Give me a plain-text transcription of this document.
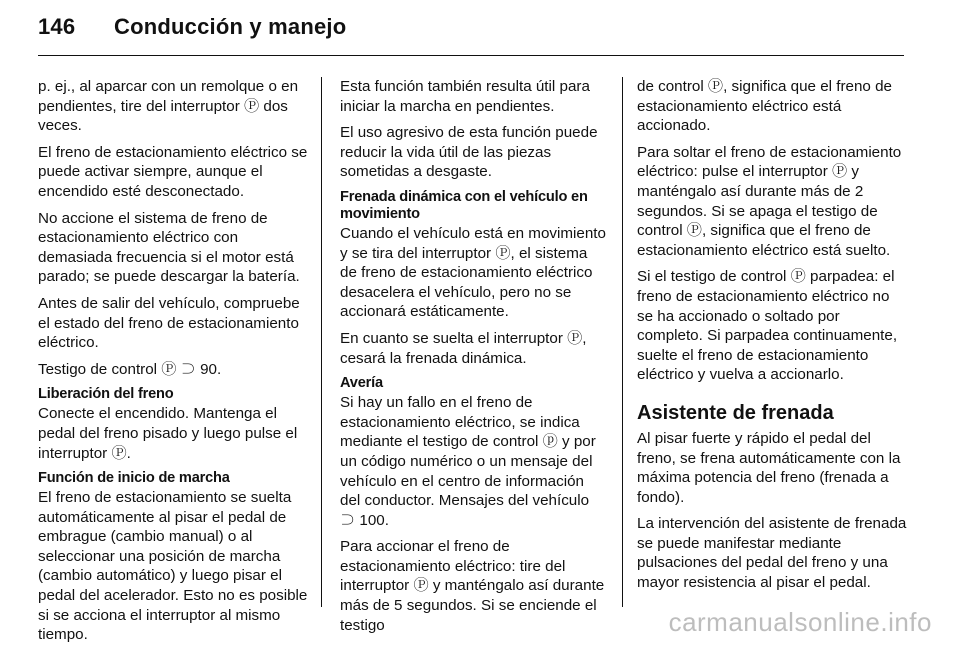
146 Conducción y manejo

p. ej., al aparcar con un remolque o en pendientes, tire del interruptor Ⓟ dos veces.

El freno de estacionamiento eléctrico se puede activar siempre, aunque el encendido esté desconectado.

No accione el sistema de freno de estacionamiento eléctrico con demasiada frecuencia si el motor está parado; se puede descargar la batería.

Antes de salir del vehículo, compruebe el estado del freno de estacionamiento eléctrico.

Testigo de control Ⓟ ⊃ 90.

Liberación del freno

Conecte el encendido. Mantenga el pedal del freno pisado y luego pulse el interruptor Ⓟ.

Función de inicio de marcha

El freno de estacionamiento se suelta automáticamente al pisar el pedal de embrague (cambio manual) o al seleccionar una posición de marcha (cambio automático) y luego pisar el pedal del acelerador. Esto no es posible si se acciona el interruptor al mismo tiempo.

Esta función también resulta útil para iniciar la marcha en pendientes.

El uso agresivo de esta función puede reducir la vida útil de las piezas sometidas a desgaste.

Frenada dinámica con el vehículo en movimiento

Cuando el vehículo está en movimiento y se tira del interruptor Ⓟ, el sistema de freno de estacionamiento eléctrico desacelera el vehículo, pero no se accionará estáticamente.

En cuanto se suelta el interruptor Ⓟ, cesará la frenada dinámica.

Avería

Si hay un fallo en el freno de estacionamiento eléctrico, se indica mediante el testigo de control ⓟ y por un código numérico o un mensaje del vehículo en el centro de información del conductor. Mensajes del vehículo ⊃ 100.

Para accionar el freno de estacionamiento eléctrico: tire del interruptor Ⓟ y manténgalo así durante más de 5 segundos. Si se enciende el testigo

de control Ⓟ, significa que el freno de estacionamiento eléctrico está accionado.

Para soltar el freno de estacionamiento eléctrico: pulse el interruptor Ⓟ y manténgalo así durante más de 2 segundos. Si se apaga el testigo de control Ⓟ, significa que el freno de estacionamiento eléctrico está suelto.

Si el testigo de control Ⓟ parpadea: el freno de estacionamiento eléctrico no se ha accionado o soltado por completo. Si parpadea continuamente, suelte el freno de estacionamiento eléctrico y vuelva a accionarlo.

Asistente de frenada

Al pisar fuerte y rápido el pedal del freno, se frena automáticamente con la máxima potencia del freno (frenada a fondo).

La intervención del asistente de frenada se puede manifestar mediante pulsaciones del pedal del freno y una mayor resistencia al pisar el pedal.

carmanualsonline.info
